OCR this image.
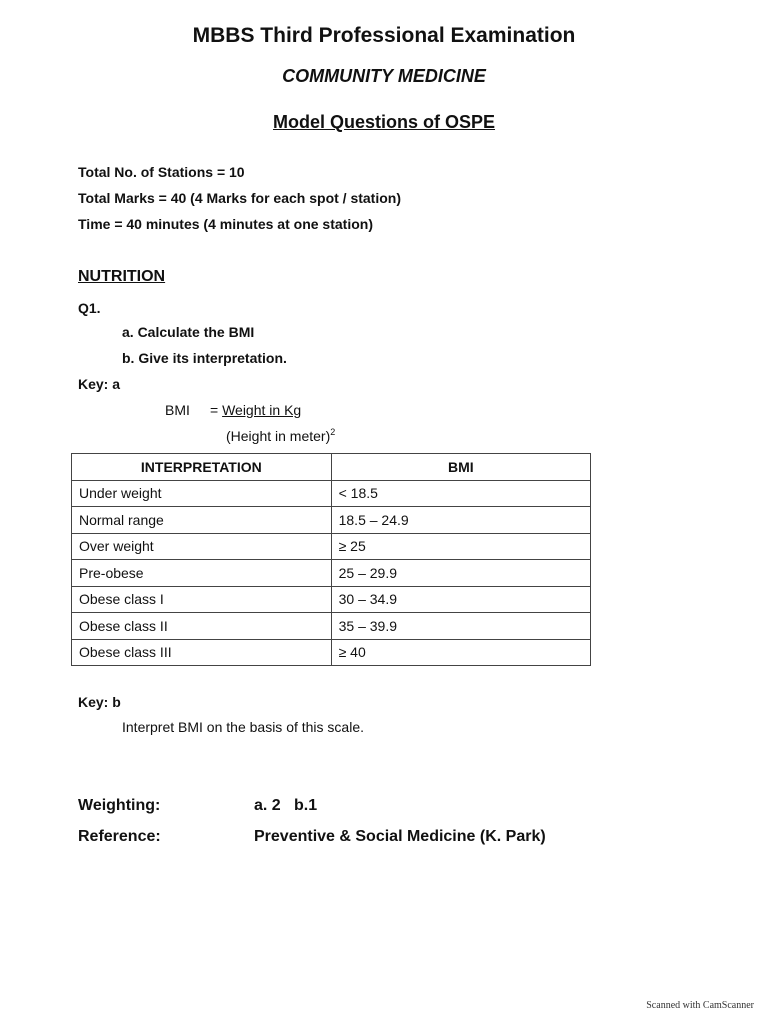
MBBS Third Professional Examination
COMMUNITY MEDICINE
Model Questions of OSPE
Total No. of Stations = 10
Total Marks = 40 (4 Marks for each spot / station)
Time = 40 minutes (4 minutes at one station)
NUTRITION
Q1.
a. Calculate the BMI
b. Give its interpretation.
Key: a
BMI = Weight in Kg
(Height in meter)$^2$
INTERPRETATION	BMI
Under weight	< 18.5
Normal range	18.5 – 24.9
Over weight	≥ 25
Pre-obese	25 – 29.9
Obese class I	30 – 34.9
Obese class II	35 – 39.9
Obese class III	≥ 40
Key: b
Interpret BMI on the basis of this scale.
Weighting:	a. 2   b.1
Reference:	Preventive & Social Medicine (K. Park)
Scanned with CamScanner
